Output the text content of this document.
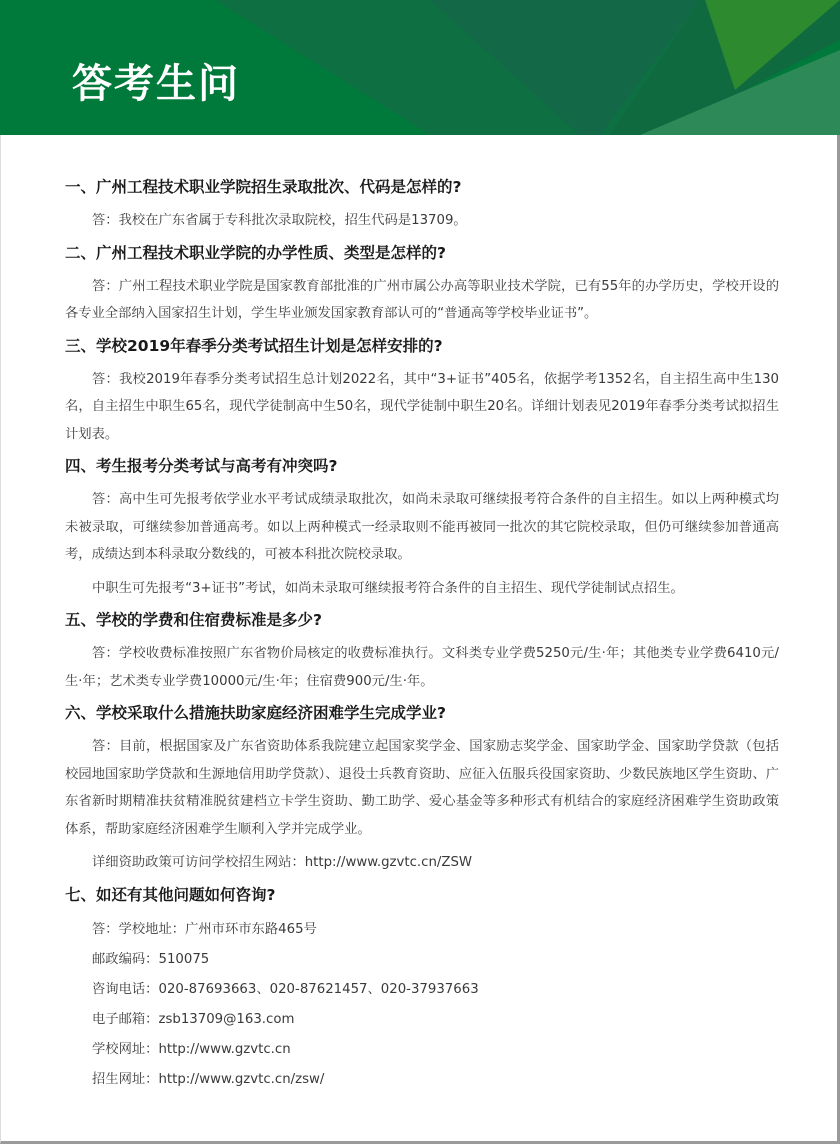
答考生问
一、广州工程技术职业学院招生录取批次、代码是怎样的?
答：我校在广东省属于专科批次录取院校，招生代码是13709。
二、广州工程技术职业学院的办学性质、类型是怎样的?
答：广州工程技术职业学院是国家教育部批准的广州市属公办高等职业技术学院，已有55年的办学历史，学校开设的各专业全部纳入国家招生计划，学生毕业颁发国家教育部认可的“普通高等学校毕业证书”。
三、学校2019年春季分类考试招生计划是怎样安排的?
答：我校2019年春季分类考试招生总计划2022名，其中“3+证书”405名，依据学考1352名，自主招生高中生130名，自主招生中职生65名，现代学徒制高中生50名，现代学徒制中职生20名。详细计划表见2019年春季分类考试拟招生计划表。
四、考生报考分类考试与高考有冲突吗?
答：高中生可先报考依学业水平考试成绩录取批次，如尚未录取可继续报考符合条件的自主招生。如以上两种模式均未被录取，可继续参加普通高考。如以上两种模式一经录取则不能再被同一批次的其它院校录取，但仍可继续参加普通高考，成绩达到本科录取分数线的，可被本科批次院校录取。
中职生可先报考“3+证书”考试，如尚未录取可继续报考符合条件的自主招生、现代学徒制试点招生。
五、学校的学费和住宿费标准是多少?
答：学校收费标准按照广东省物价局核定的收费标准执行。文科类专业学费5250元/生·年；其他类专业学费6410元/生·年；艺术类专业学费10000元/生·年；住宿费900元/生·年。
六、学校采取什么措施扶助家庭经济困难学生完成学业?
答：目前，根据国家及广东省资助体系我院建立起国家奖学金、国家励志奖学金、国家助学金、国家助学贷款（包括校园地国家助学贷款和生源地信用助学贷款）、退役士兵教育资助、应征入伍服兵役国家资助、少数民族地区学生资助、广东省新时期精准扶贫精准脱贫建档立卡学生资助、勤工助学、爱心基金等多种形式有机结合的家庭经济困难学生资助政策体系，帮助家庭经济困难学生顺利入学并完成学业。
详细资助政策可访问学校招生网站：http://www.gzvtc.cn/ZSW
七、如还有其他问题如何咨询?
答：学校地址：广州市环市东路465号
邮政编码：510075
咨询电话：020-87693663、020-87621457、020-37937663
电子邮箱：zsb13709@163.com
学校网址：http://www.gzvtc.cn
招生网址：http://www.gzvtc.cn/zsw/
